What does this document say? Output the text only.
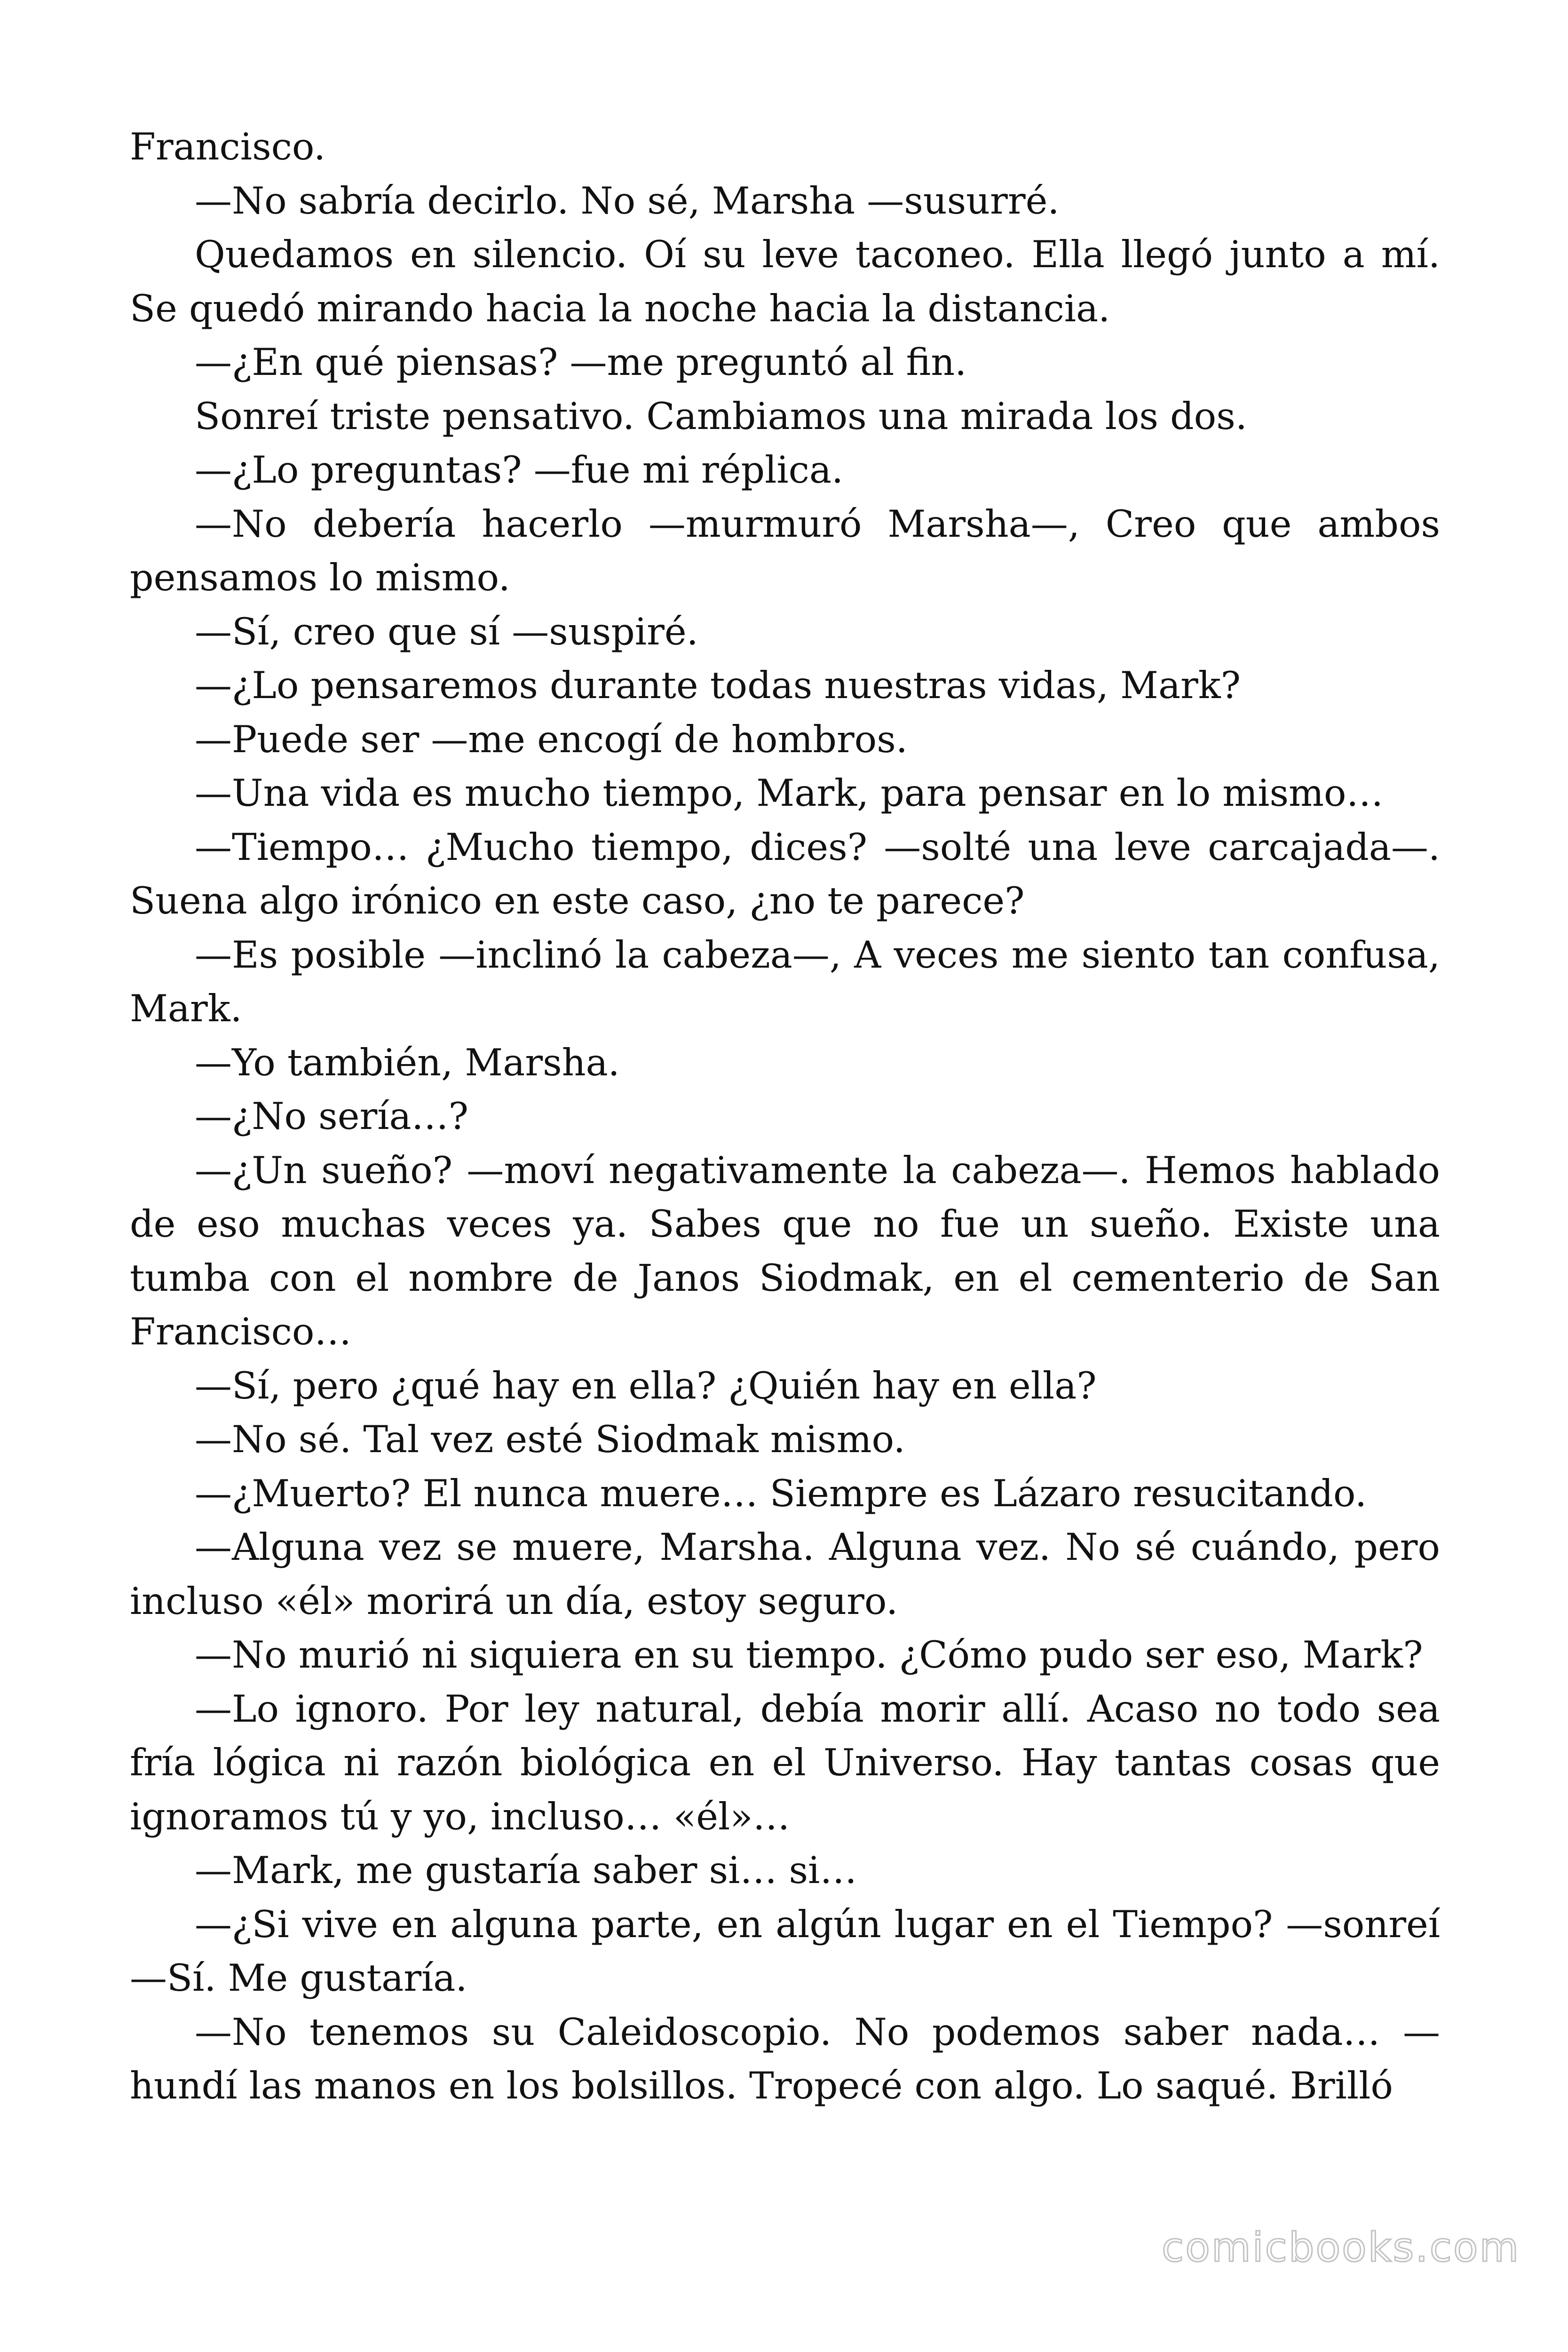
Francisco.

—No sabría decirlo. No sé, Marsha —susurré.

Quedamos en silencio. Oí su leve taconeo. Ella llegó junto a mí. Se quedó mirando hacia la noche hacia la distancia.

—¿En qué piensas? —me preguntó al fin.

Sonreí triste pensativo. Cambiamos una mirada los dos.

—¿Lo preguntas? —fue mi réplica.

—No debería hacerlo —murmuró Marsha—, Creo que ambos pensamos lo mismo.

—Sí, creo que sí —suspiré.

—¿Lo pensaremos durante todas nuestras vidas, Mark?

—Puede ser —me encogí de hombros.

—Una vida es mucho tiempo, Mark, para pensar en lo mismo…

—Tiempo… ¿Mucho tiempo, dices? —solté una leve carcajada—. Suena algo irónico en este caso, ¿no te parece?

—Es posible —inclinó la cabeza—, A veces me siento tan confusa, Mark.

—Yo también, Marsha.

—¿No sería…?

—¿Un sueño? —moví negativamente la cabeza—. Hemos hablado de eso muchas veces ya. Sabes que no fue un sueño. Existe una tumba con el nombre de Janos Siodmak, en el cementerio de San Francisco…

—Sí, pero ¿qué hay en ella? ¿Quién hay en ella?

—No sé. Tal vez esté Siodmak mismo.

—¿Muerto? El nunca muere… Siempre es Lázaro resucitando.

—Alguna vez se muere, Marsha. Alguna vez. No sé cuándo, pero incluso «él» morirá un día, estoy seguro.

—No murió ni siquiera en su tiempo. ¿Cómo pudo ser eso, Mark?

—Lo ignoro. Por ley natural, debía morir allí. Acaso no todo sea fría lógica ni razón biológica en el Universo. Hay tantas cosas que ignoramos tú y yo, incluso… «él»…

—Mark, me gustaría saber si… si…

—¿Si vive en alguna parte, en algún lugar en el Tiempo? —sonreí —Sí. Me gustaría.

—No tenemos su Caleidoscopio. No podemos saber nada… —hundí las manos en los bolsillos. Tropecé con algo. Lo saqué. Brilló

comicbooks.com
